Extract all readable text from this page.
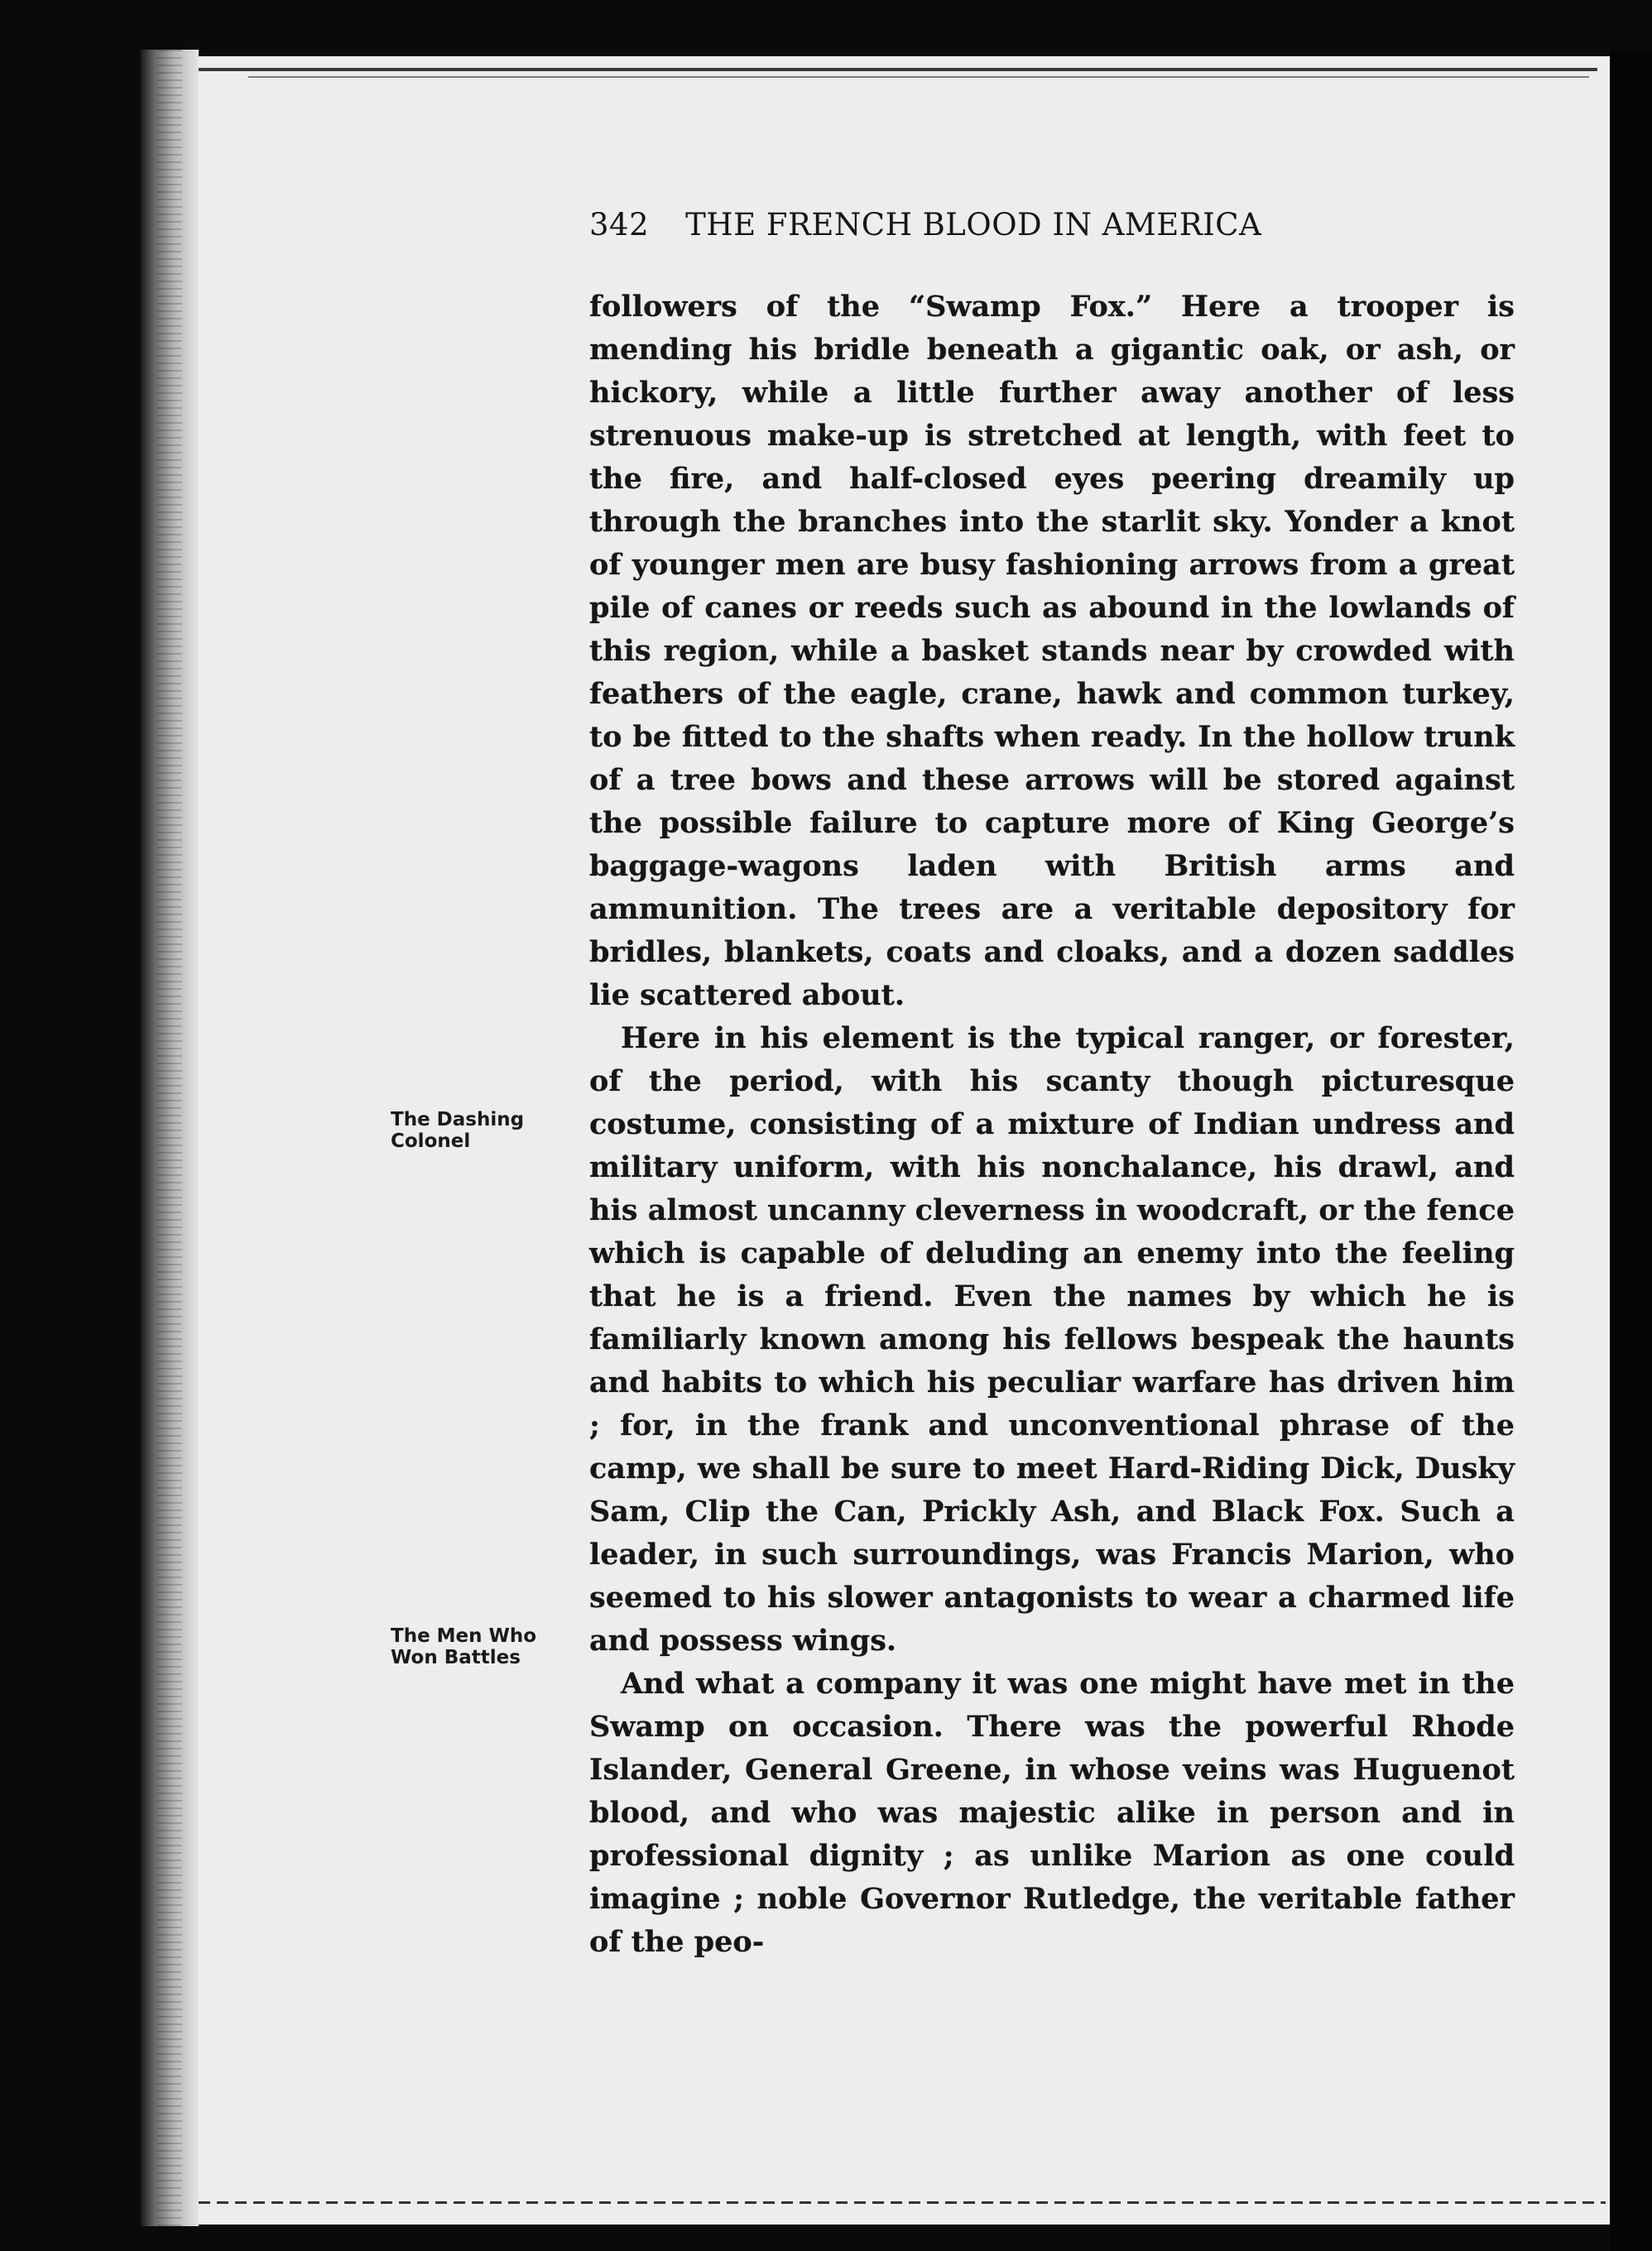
342 THE FRENCH BLOOD IN AMERICA
The Dashing
Colonel
The Men Who
Won Battles

followers of the “Swamp Fox.” Here a trooper is mending his bridle beneath a gigantic oak, or ash, or hickory, while a little further away another of less strenuous make-up is stretched at length, with feet to the fire, and half-closed eyes peering dreamily up through the branches into the starlit sky. Yonder a knot of younger men are busy fashioning arrows from a great pile of canes or reeds such as abound in the lowlands of this region, while a basket stands near by crowded with feathers of the eagle, crane, hawk and common turkey, to be fitted to the shafts when ready. In the hollow trunk of a tree bows and these arrows will be stored against the possible failure to capture more of King George’s baggage-wagons laden with British arms and ammunition. The trees are a veritable depository for bridles, blankets, coats and cloaks, and a dozen saddles lie scattered about.

Here in his element is the typical ranger, or forester, of the period, with his scanty though picturesque costume, consisting of a mixture of Indian undress and military uniform, with his nonchalance, his drawl, and his almost uncanny cleverness in woodcraft, or the fence which is capable of deluding an enemy into the feeling that he is a friend. Even the names by which he is familiarly known among his fellows bespeak the haunts and habits to which his peculiar warfare has driven him ; for, in the frank and unconventional phrase of the camp, we shall be sure to meet Hard-Riding Dick, Dusky Sam, Clip the Can, Prickly Ash, and Black Fox. Such a leader, in such surroundings, was Francis Marion, who seemed to his slower antagonists to wear a charmed life and possess wings.

And what a company it was one might have met in the Swamp on occasion. There was the powerful Rhode Islander, General Greene, in whose veins was Huguenot blood, and who was majestic alike in person and in professional dignity ; as unlike Marion as one could imagine ; noble Governor Rutledge, the veritable father of the peo-
